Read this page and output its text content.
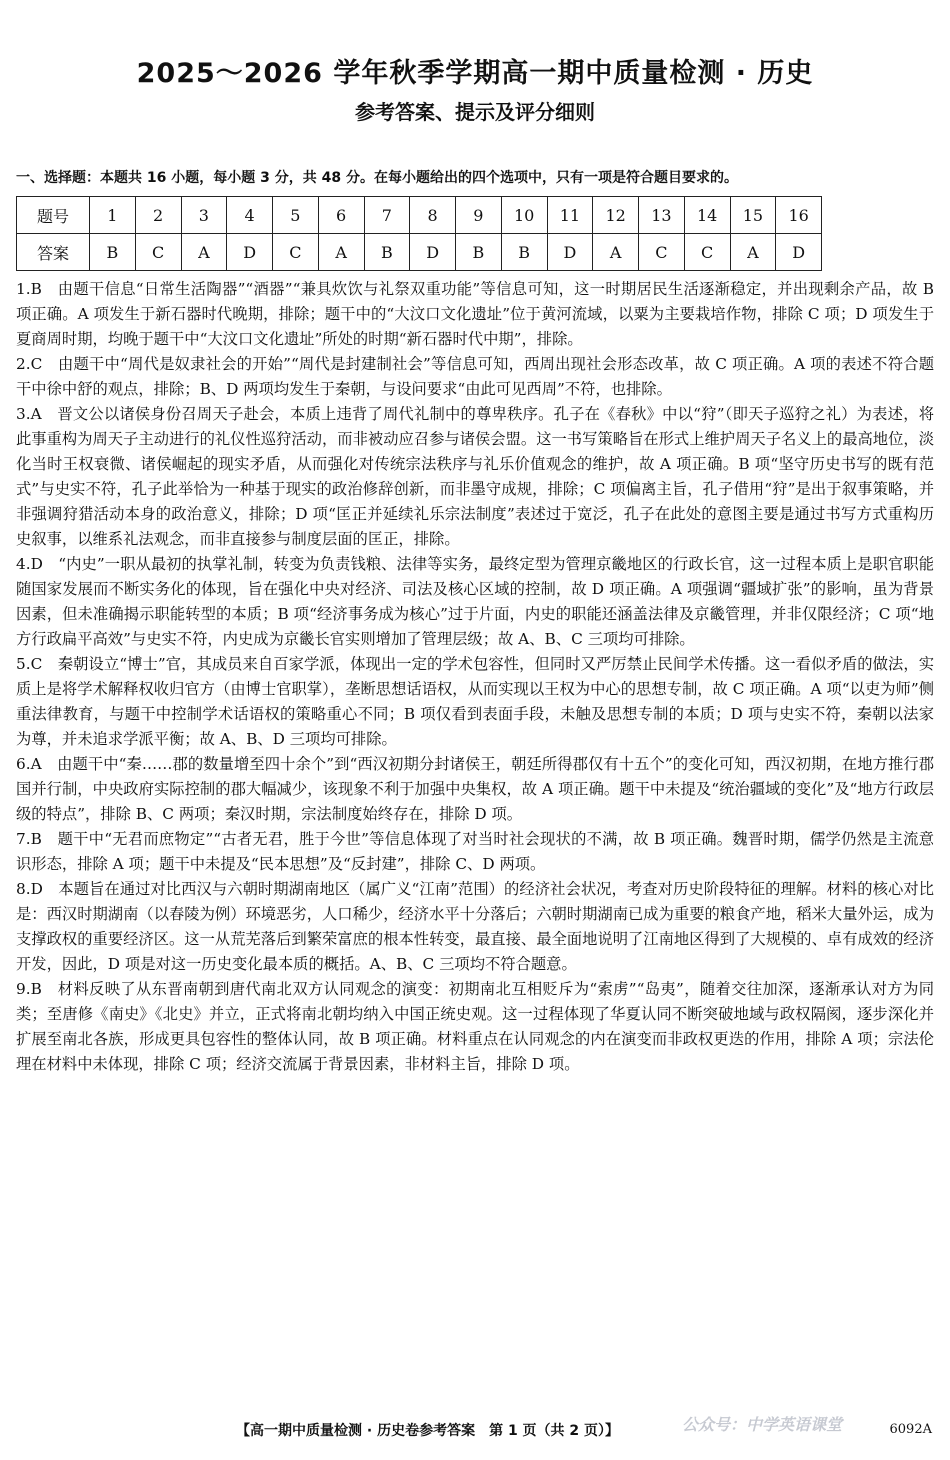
2025～2026 学年秋季学期高一期中质量检测 · 历史
参考答案、提示及评分细则
一、选择题：本题共 16 小题，每小题 3 分，共 48 分。在每小题给出的四个选项中，只有一项是符合题目要求的。
题号	1	2	3	4	5	6	7	8	9	10	11	12	13	14	15	16
答案	B	C	A	D	C	A	B	D	B	B	D	A	C	C	A	D

1.B　由题干信息“日常生活陶器”“酒器”“兼具炊饮与礼祭双重功能”等信息可知，这一时期居民生活逐渐稳定，并出现剩余产品，故 B 项正确。A 项发生于新石器时代晚期，排除；题干中的“大汶口文化遗址”位于黄河流域，以粟为主要栽培作物，排除 C 项；D 项发生于夏商周时期，均晚于题干中“大汶口文化遗址”所处的时期“新石器时代中期”，排除。

2.C　由题干中“周代是奴隶社会的开始”“周代是封建制社会”等信息可知，西周出现社会形态改革，故 C 项正确。A 项的表述不符合题干中徐中舒的观点，排除；B、D 两项均发生于秦朝，与设问要求“由此可见西周”不符，也排除。

3.A　晋文公以诸侯身份召周天子赴会，本质上违背了周代礼制中的尊卑秩序。孔子在《春秋》中以“狩”（即天子巡狩之礼）为表述，将此事重构为周天子主动进行的礼仪性巡狩活动，而非被动应召参与诸侯会盟。这一书写策略旨在形式上维护周天子名义上的最高地位，淡化当时王权衰微、诸侯崛起的现实矛盾，从而强化对传统宗法秩序与礼乐价值观念的维护，故 A 项正确。B 项“坚守历史书写的既有范式”与史实不符，孔子此举恰为一种基于现实的政治修辞创新，而非墨守成规，排除；C 项偏离主旨，孔子借用“狩”是出于叙事策略，并非强调狩猎活动本身的政治意义，排除；D 项“匡正并延续礼乐宗法制度”表述过于宽泛，孔子在此处的意图主要是通过书写方式重构历史叙事，以维系礼法观念，而非直接参与制度层面的匡正，排除。

4.D　“内史”一职从最初的执掌礼制，转变为负责钱粮、法律等实务，最终定型为管理京畿地区的行政长官，这一过程本质上是职官职能随国家发展而不断实务化的体现，旨在强化中央对经济、司法及核心区域的控制，故 D 项正确。A 项强调“疆域扩张”的影响，虽为背景因素，但未准确揭示职能转型的本质；B 项“经济事务成为核心”过于片面，内史的职能还涵盖法律及京畿管理，并非仅限经济；C 项“地方行政扁平高效”与史实不符，内史成为京畿长官实则增加了管理层级；故 A、B、C 三项均可排除。

5.C　秦朝设立“博士”官，其成员来自百家学派，体现出一定的学术包容性，但同时又严厉禁止民间学术传播。这一看似矛盾的做法，实质上是将学术解释权收归官方（由博士官职掌），垄断思想话语权，从而实现以王权为中心的思想专制，故 C 项正确。A 项“以吏为师”侧重法律教育，与题干中控制学术话语权的策略重心不同；B 项仅看到表面手段，未触及思想专制的本质；D 项与史实不符，秦朝以法家为尊，并未追求学派平衡；故 A、B、D 三项均可排除。

6.A　由题干中“秦……郡的数量增至四十余个”到“西汉初期分封诸侯王，朝廷所得郡仅有十五个”的变化可知，西汉初期，在地方推行郡国并行制，中央政府实际控制的郡大幅减少，该现象不利于加强中央集权，故 A 项正确。题干中未提及“统治疆域的变化”及“地方行政层级的特点”，排除 B、C 两项；秦汉时期，宗法制度始终存在，排除 D 项。

7.B　题干中“无君而庶物定”“古者无君，胜于今世”等信息体现了对当时社会现状的不满，故 B 项正确。魏晋时期，儒学仍然是主流意识形态，排除 A 项；题干中未提及“民本思想”及“反封建”，排除 C、D 两项。

8.D　本题旨在通过对比西汉与六朝时期湖南地区（属广义“江南”范围）的经济社会状况，考查对历史阶段特征的理解。材料的核心对比是：西汉时期湖南（以春陵为例）环境恶劣，人口稀少，经济水平十分落后；六朝时期湖南已成为重要的粮食产地，稻米大量外运，成为支撑政权的重要经济区。这一从荒芜落后到繁荣富庶的根本性转变，最直接、最全面地说明了江南地区得到了大规模的、卓有成效的经济开发，因此，D 项是对这一历史变化最本质的概括。A、B、C 三项均不符合题意。

9.B　材料反映了从东晋南朝到唐代南北双方认同观念的演变：初期南北互相贬斥为“索虏”“岛夷”，随着交往加深，逐渐承认对方为同类；至唐修《南史》《北史》并立，正式将南北朝均纳入中国正统史观。这一过程体现了华夏认同不断突破地域与政权隔阂，逐步深化并扩展至南北各族，形成更具包容性的整体认同，故 B 项正确。材料重点在认同观念的内在演变而非政权更迭的作用，排除 A 项；宗法伦理在材料中未体现，排除 C 项；经济交流属于背景因素，非材料主旨，排除 D 项。

公众号：中学英语课堂
【高一期中质量检测 · 历史卷参考答案　第 1 页（共 2 页）】	6092A
